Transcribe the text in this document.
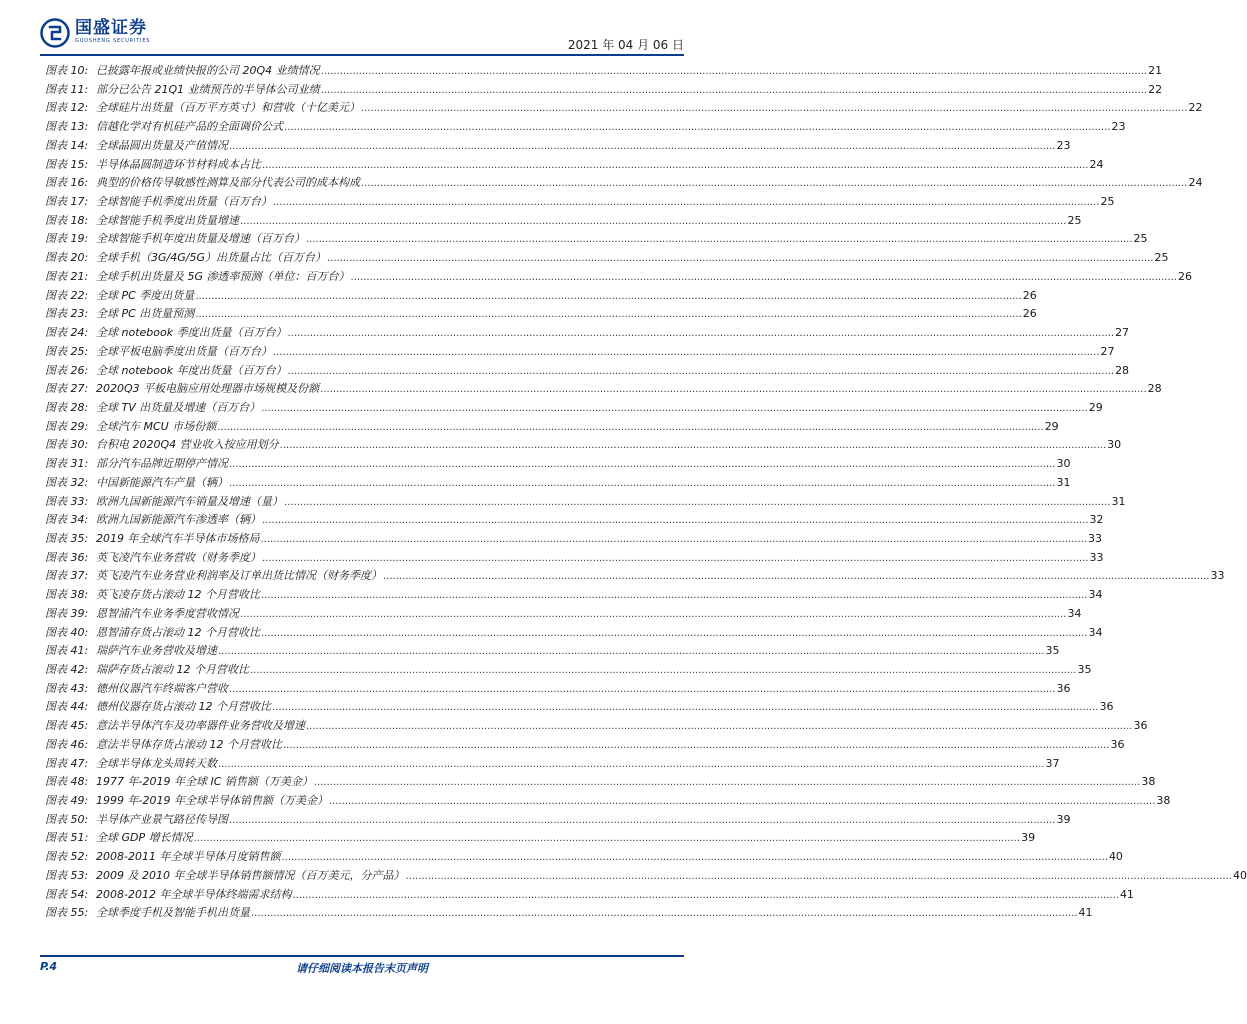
国盛证券
GUOSHENG SECURITIES	2021 年 04 月 06 日
图表 10: 已披露年报或业绩快报的公司 20Q4 业绩情况 .................................................................................................................................................................................................................................................................... 21
图表 11: 部分已公告 21Q1 业绩预告的半导体公司业绩 .................................................................................................................................................................................................................................................................... 22
图表 12: 全球硅片出货量（百万平方英寸）和营收（十亿美元） .................................................................................................................................................................................................................................................................... 22
图表 13: 信越化学对有机硅产品的全面调价公式 .................................................................................................................................................................................................................................................................... 23
图表 14: 全球晶圆出货量及产值情况 .................................................................................................................................................................................................................................................................... 23
图表 15: 半导体晶圆制造环节材料成本占比 .................................................................................................................................................................................................................................................................... 24
图表 16: 典型的价格传导敏感性测算及部分代表公司的成本构成 .................................................................................................................................................................................................................................................................... 24
图表 17: 全球智能手机季度出货量（百万台） .................................................................................................................................................................................................................................................................... 25
图表 18: 全球智能手机季度出货量增速 .................................................................................................................................................................................................................................................................... 25
图表 19: 全球智能手机年度出货量及增速（百万台） .................................................................................................................................................................................................................................................................... 25
图表 20: 全球手机（3G/4G/5G）出货量占比（百万台） .................................................................................................................................................................................................................................................................... 25
图表 21: 全球手机出货量及 5G 渗透率预测（单位：百万台） .................................................................................................................................................................................................................................................................... 26
图表 22: 全球 PC 季度出货量 .................................................................................................................................................................................................................................................................... 26
图表 23: 全球 PC 出货量预测 .................................................................................................................................................................................................................................................................... 26
图表 24: 全球 notebook 季度出货量（百万台） .................................................................................................................................................................................................................................................................... 27
图表 25: 全球平板电脑季度出货量（百万台） .................................................................................................................................................................................................................................................................... 27
图表 26: 全球 notebook 年度出货量（百万台） .................................................................................................................................................................................................................................................................... 28
图表 27: 2020Q3 平板电脑应用处理器市场规模及份额 .................................................................................................................................................................................................................................................................... 28
图表 28: 全球 TV 出货量及增速（百万台） .................................................................................................................................................................................................................................................................... 29
图表 29: 全球汽车 MCU 市场份额 .................................................................................................................................................................................................................................................................... 29
图表 30: 台积电 2020Q4 营业收入按应用划分 .................................................................................................................................................................................................................................................................... 30
图表 31: 部分汽车品牌近期停产情况 .................................................................................................................................................................................................................................................................... 30
图表 32: 中国新能源汽车产量（辆） .................................................................................................................................................................................................................................................................... 31
图表 33: 欧洲九国新能源汽车销量及增速（量） .................................................................................................................................................................................................................................................................... 31
图表 34: 欧洲九国新能源汽车渗透率（辆） .................................................................................................................................................................................................................................................................... 32
图表 35: 2019 年全球汽车半导体市场格局 .................................................................................................................................................................................................................................................................... 33
图表 36: 英飞凌汽车业务营收（财务季度） .................................................................................................................................................................................................................................................................... 33
图表 37: 英飞凌汽车业务营业利润率及订单出货比情况（财务季度） .................................................................................................................................................................................................................................................................... 33
图表 38: 英飞凌存货占滚动 12 个月营收比 .................................................................................................................................................................................................................................................................... 34
图表 39: 恩智浦汽车业务季度营收情况 .................................................................................................................................................................................................................................................................... 34
图表 40: 恩智浦存货占滚动 12 个月营收比 .................................................................................................................................................................................................................................................................... 34
图表 41: 瑞萨汽车业务营收及增速 .................................................................................................................................................................................................................................................................... 35
图表 42: 瑞萨存货占滚动 12 个月营收比 .................................................................................................................................................................................................................................................................... 35
图表 43: 德州仪器汽车终端客户营收 .................................................................................................................................................................................................................................................................... 36
图表 44: 德州仪器存货占滚动 12 个月营收比 .................................................................................................................................................................................................................................................................... 36
图表 45: 意法半导体汽车及功率器件业务营收及增速 .................................................................................................................................................................................................................................................................... 36
图表 46: 意法半导体存货占滚动 12 个月营收比 .................................................................................................................................................................................................................................................................... 36
图表 47: 全球半导体龙头周转天数 .................................................................................................................................................................................................................................................................... 37
图表 48: 1977 年-2019 年全球 IC 销售额（万美金） .................................................................................................................................................................................................................................................................... 38
图表 49: 1999 年-2019 年全球半导体销售额（万美金） .................................................................................................................................................................................................................................................................... 38
图表 50: 半导体产业景气路径传导图 .................................................................................................................................................................................................................................................................... 39
图表 51: 全球 GDP 增长情况 .................................................................................................................................................................................................................................................................... 39
图表 52: 2008-2011 年全球半导体月度销售额 .................................................................................................................................................................................................................................................................... 40
图表 53: 2009 及 2010 年全球半导体销售额情况（百万美元，分产品） .................................................................................................................................................................................................................................................................... 40
图表 54: 2008-2012 年全球半导体终端需求结构 .................................................................................................................................................................................................................................................................... 41
图表 55: 全球季度手机及智能手机出货量 .................................................................................................................................................................................................................................................................... 41
P.4	请仔细阅读本报告末页声明
